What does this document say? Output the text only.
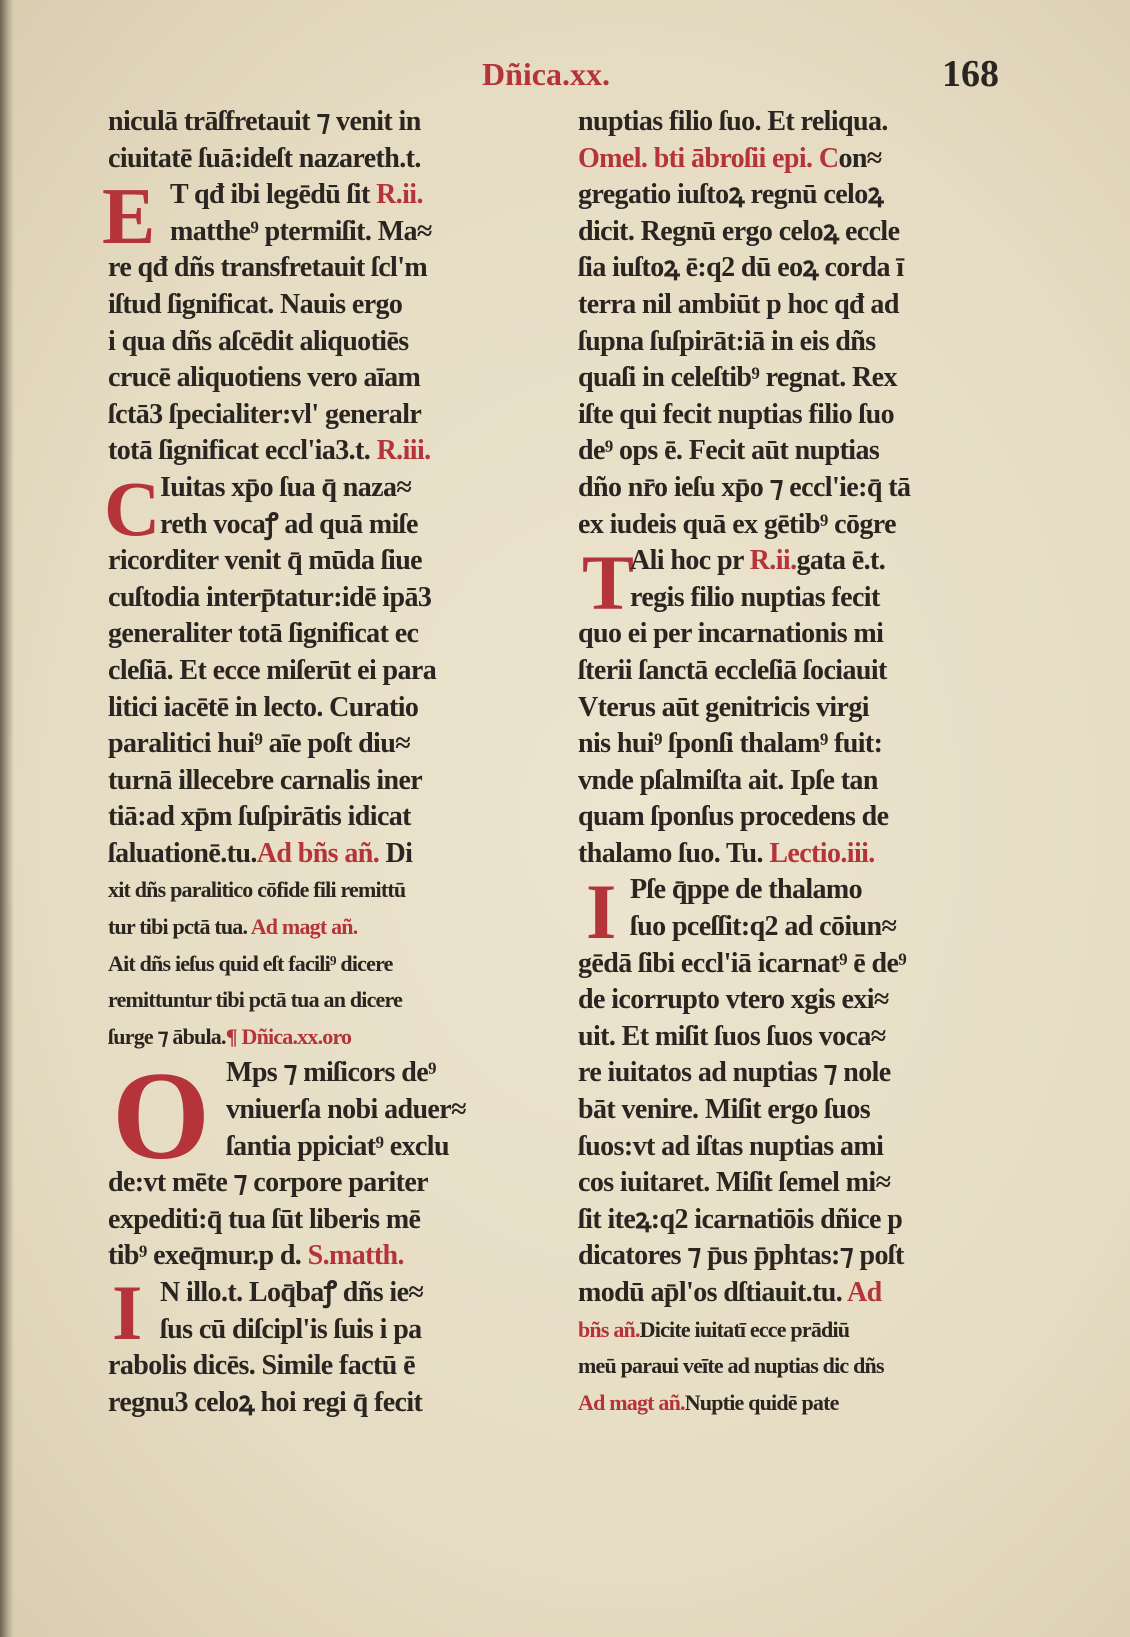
Dñica.xx.	168
E
C
O
I
niculā trāſfretauit ⁊ venit in
ciuitatē ſuā:ideſt nazareth.t.
T qđ ibi legēdū ſit R.ii.
matthe⁹ ptermiſit. Ma≈
re qđ dñs transfretauit ſcl'm
iſtud ſignificat. Nauis ergo
i qua dñs aſcēdit aliquotiēs
crucē aliquotiens vero aīam
ſctā3 ſpecialiter:vl' generalr
totā ſignificat eccl'ia3.t. R.iii.
Iuitas xp̄o ſua q̄ naza≈
reth vocaꝭ ad quā miſe
ricorditer venit q̄ mūda ſiue
cuſtodia interp̄tatur:idē ipā3
generaliter totā ſignificat ec
cleſiā. Et ecce miſerūt ei para
litici iacētē in lecto. Curatio
paralitici hui⁹ aīe poſt diu≈
turnā illecebre carnalis iner
tiā:ad xp̄m ſuſpirātis idicat
ſaluationē.tu.Ad bñs añ. Di
xit dñs paralitico cōfide fili remittū
tur tibi pctā tua. Ad magt añ.
Ait dñs ieſus quid eſt facili⁹ dicere
remittuntur tibi pctā tua an dicere
ſurge ⁊ ābula.¶ Dñica.xx.oro
Mps ⁊ miſicors de⁹
vniuerſa nobi aduer≈
ſantia ppiciat⁹ exclu
de:vt mēte ⁊ corpore pariter
expediti:q̄ tua ſūt liberis mē
tib⁹ exeq̄mur.p d. S.matth.
N illo.t. Loq̄baꝭ dñs ie≈
ſus cū diſcipl'is ſuis i pa
rabolis dicēs. Simile factū ē
regnu3 celoꝝ hoi regi q̄ fecit
T
I
nuptias filio ſuo. Et reliqua.
Omel. bti ābroſii epi. Con≈
gregatio iuſtoꝝ regnū celoꝝ
dicit. Regnū ergo celoꝝ eccle
ſia iuſtoꝝ ē:q2 dū eoꝝ corda ī
terra nil ambiūt p hoc qđ ad
ſupna ſuſpirāt:iā in eis dñs
quaſi in celeſtib⁹ regnat. Rex
iſte qui fecit nuptias filio ſuo
de⁹ ops ē. Fecit aūt nuptias
dño nr̄o ieſu xp̄o ⁊ eccl'ie:q̄ tā
ex iudeis quā ex gētib⁹ cōgre
Ali hoc pr R.ii.gata ē.t.
regis filio nuptias fecit
quo ei per incarnationis mi
ſterii ſanctā eccleſiā ſociauit
Vterus aūt genitricis virgi
nis hui⁹ ſponſi thalam⁹ fuit:
vnde pſalmiſta ait. Ipſe tan
quam ſponſus procedens de
thalamo ſuo. Tu. Lectio.iii.
Pſe q̄ppe de thalamo
ſuo pceſſit:q2 ad cōiun≈
gēdā ſibi eccl'iā icarnat⁹ ē de⁹
de icorrupto vtero xgis exi≈
uit. Et miſit ſuos ſuos voca≈
re iuitatos ad nuptias ⁊ nole
bāt venire. Miſit ergo ſuos
ſuos:vt ad iſtas nuptias ami
cos iuitaret. Miſit ſemel mi≈
ſit iteꝝ:q2 icarnatiōis dñice p
dicatores ⁊ p̄us p̄phtas:⁊ poſt
modū ap̄l'os dſtiauit.tu. Ad
bñs añ.Dicite iuitatī ecce prādiū
meū paraui veīte ad nuptias dic dñs
Ad magt añ.Nuptie quidē pate
